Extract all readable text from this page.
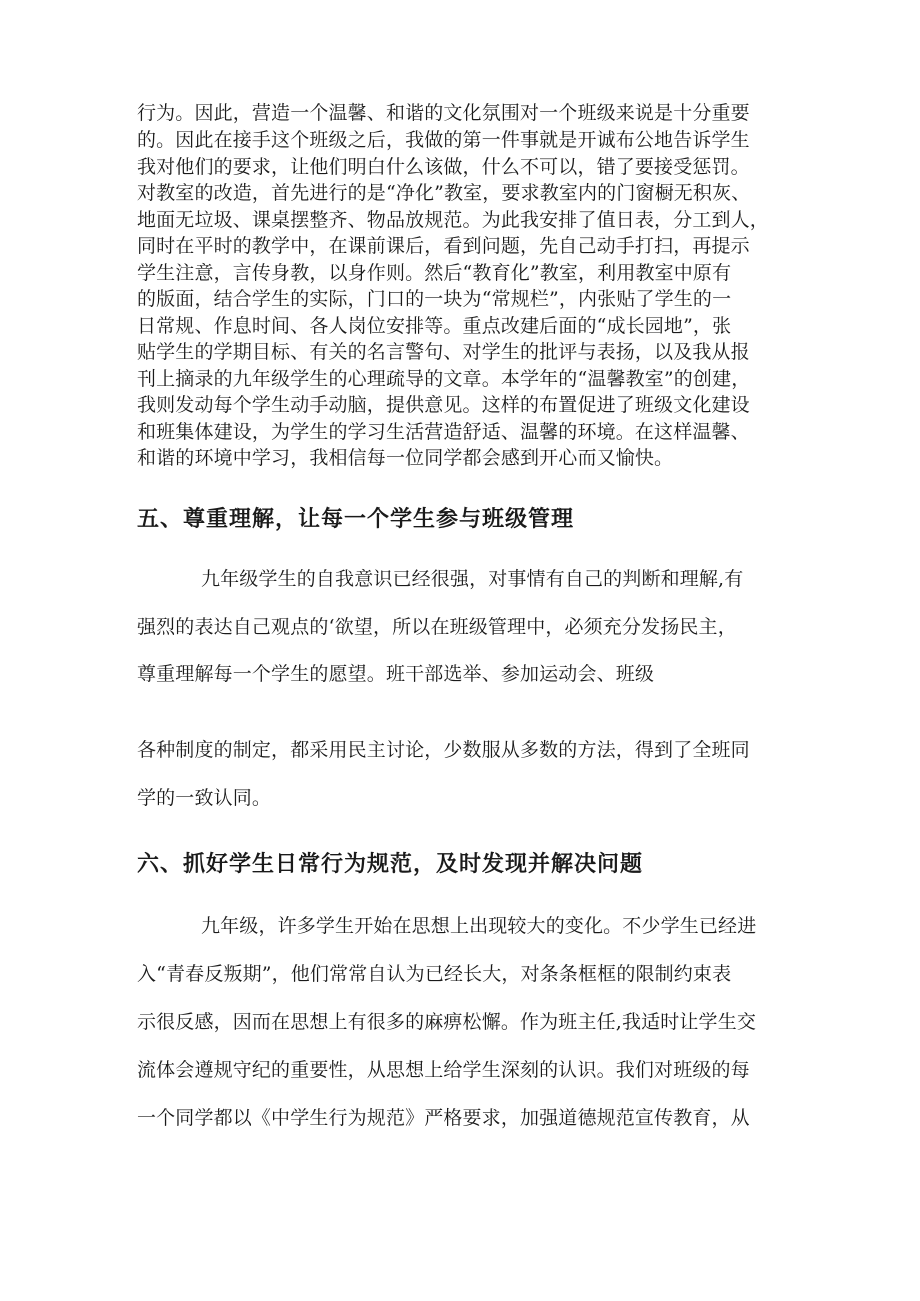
行为。因此，营造一个温馨、和谐的文化氛围对一个班级来说是十分重要
的。因此在接手这个班级之后，我做的第一件事就是开诚布公地告诉学生
我对他们的要求，让他们明白什么该做，什么不可以，错了要接受惩罚。
对教室的改造，首先进行的是“净化”教室，要求教室内的门窗橱无积灰、
地面无垃圾、课桌摆整齐、物品放规范。为此我安排了值日表，分工到人，
同时在平时的教学中，在课前课后，看到问题，先自己动手打扫，再提示
学生注意，言传身教，以身作则。然后“教育化”教室，利用教室中原有
的版面，结合学生的实际，门口的一块为“常规栏”，内张贴了学生的一
日常规、作息时间、各人岗位安排等。重点改建后面的“成长园地”，张
贴学生的学期目标、有关的名言警句、对学生的批评与表扬，以及我从报
刊上摘录的九年级学生的心理疏导的文章。本学年的“温馨教室”的创建，
我则发动每个学生动手动脑，提供意见。这样的布置促进了班级文化建设
和班集体建设，为学生的学习生活营造舒适、温馨的环境。在这样温馨、
和谐的环境中学习，我相信每一位同学都会感到开心而又愉快。
五、尊重理解，让每一个学生参与班级管理
九年级学生的自我意识已经很强，对事情有自己的判断和理解,有
强烈的表达自己观点的‘欲望，所以在班级管理中，必须充分发扬民主，
尊重理解每一个学生的愿望。班干部选举、参加运动会、班级
各种制度的制定，都采用民主讨论，少数服从多数的方法，得到了全班同
学的一致认同。
六、抓好学生日常行为规范，及时发现并解决问题
九年级，许多学生开始在思想上出现较大的变化。不少学生已经进
入“青春反叛期”，他们常常自认为已经长大，对条条框框的限制约束表
示很反感，因而在思想上有很多的麻痹松懈。作为班主任,我适时让学生交
流体会遵规守纪的重要性，从思想上给学生深刻的认识。我们对班级的每
一个同学都以《中学生行为规范》严格要求，加强道德规范宣传教育，从
